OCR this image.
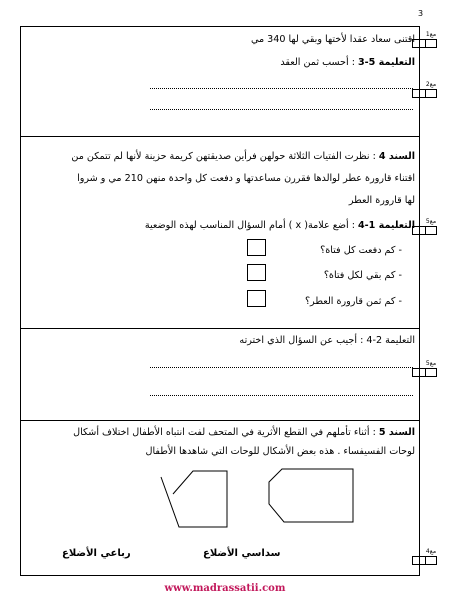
3
مع1
مع2
مع5
مع5
مع4
اقتنى سعاد عقدا لأختها وبقي لها 340 مي
التعليمة 5-3 : أحسب ثمن العقد
السند 4 : نظرت الفتيات الثلاثة حولهن فرأين صديقتهن كريمة حزينة لأنها لم تتمكن من
اقتناء قارورة عطر لوالدها فقررن مساعدتها و دفعت كل واحدة منهن 210 مي و شروا
لها قارورة العطر
التعليمة 1-4 : أضع علامة( x ) أمام السؤال المناسب لهذه الوضعية
- كم دفعت كل فتاة؟
- كم بقي لكل فتاة؟
- كم ثمن قارورة العطر؟
التعليمة 2-4 : أجيب عن السؤال الذي اخترته
السند 5 : أثناء تأملهم في القطع الأثرية في المتحف لفت انتباه الأطفال اختلاف أشكال
لوحات الفسيفساء . هذه بعض الأشكال للوحات التي شاهدها الأطفال
سداسي الأضلاع
رباعي الأضلاع
www.madrassatii.com
